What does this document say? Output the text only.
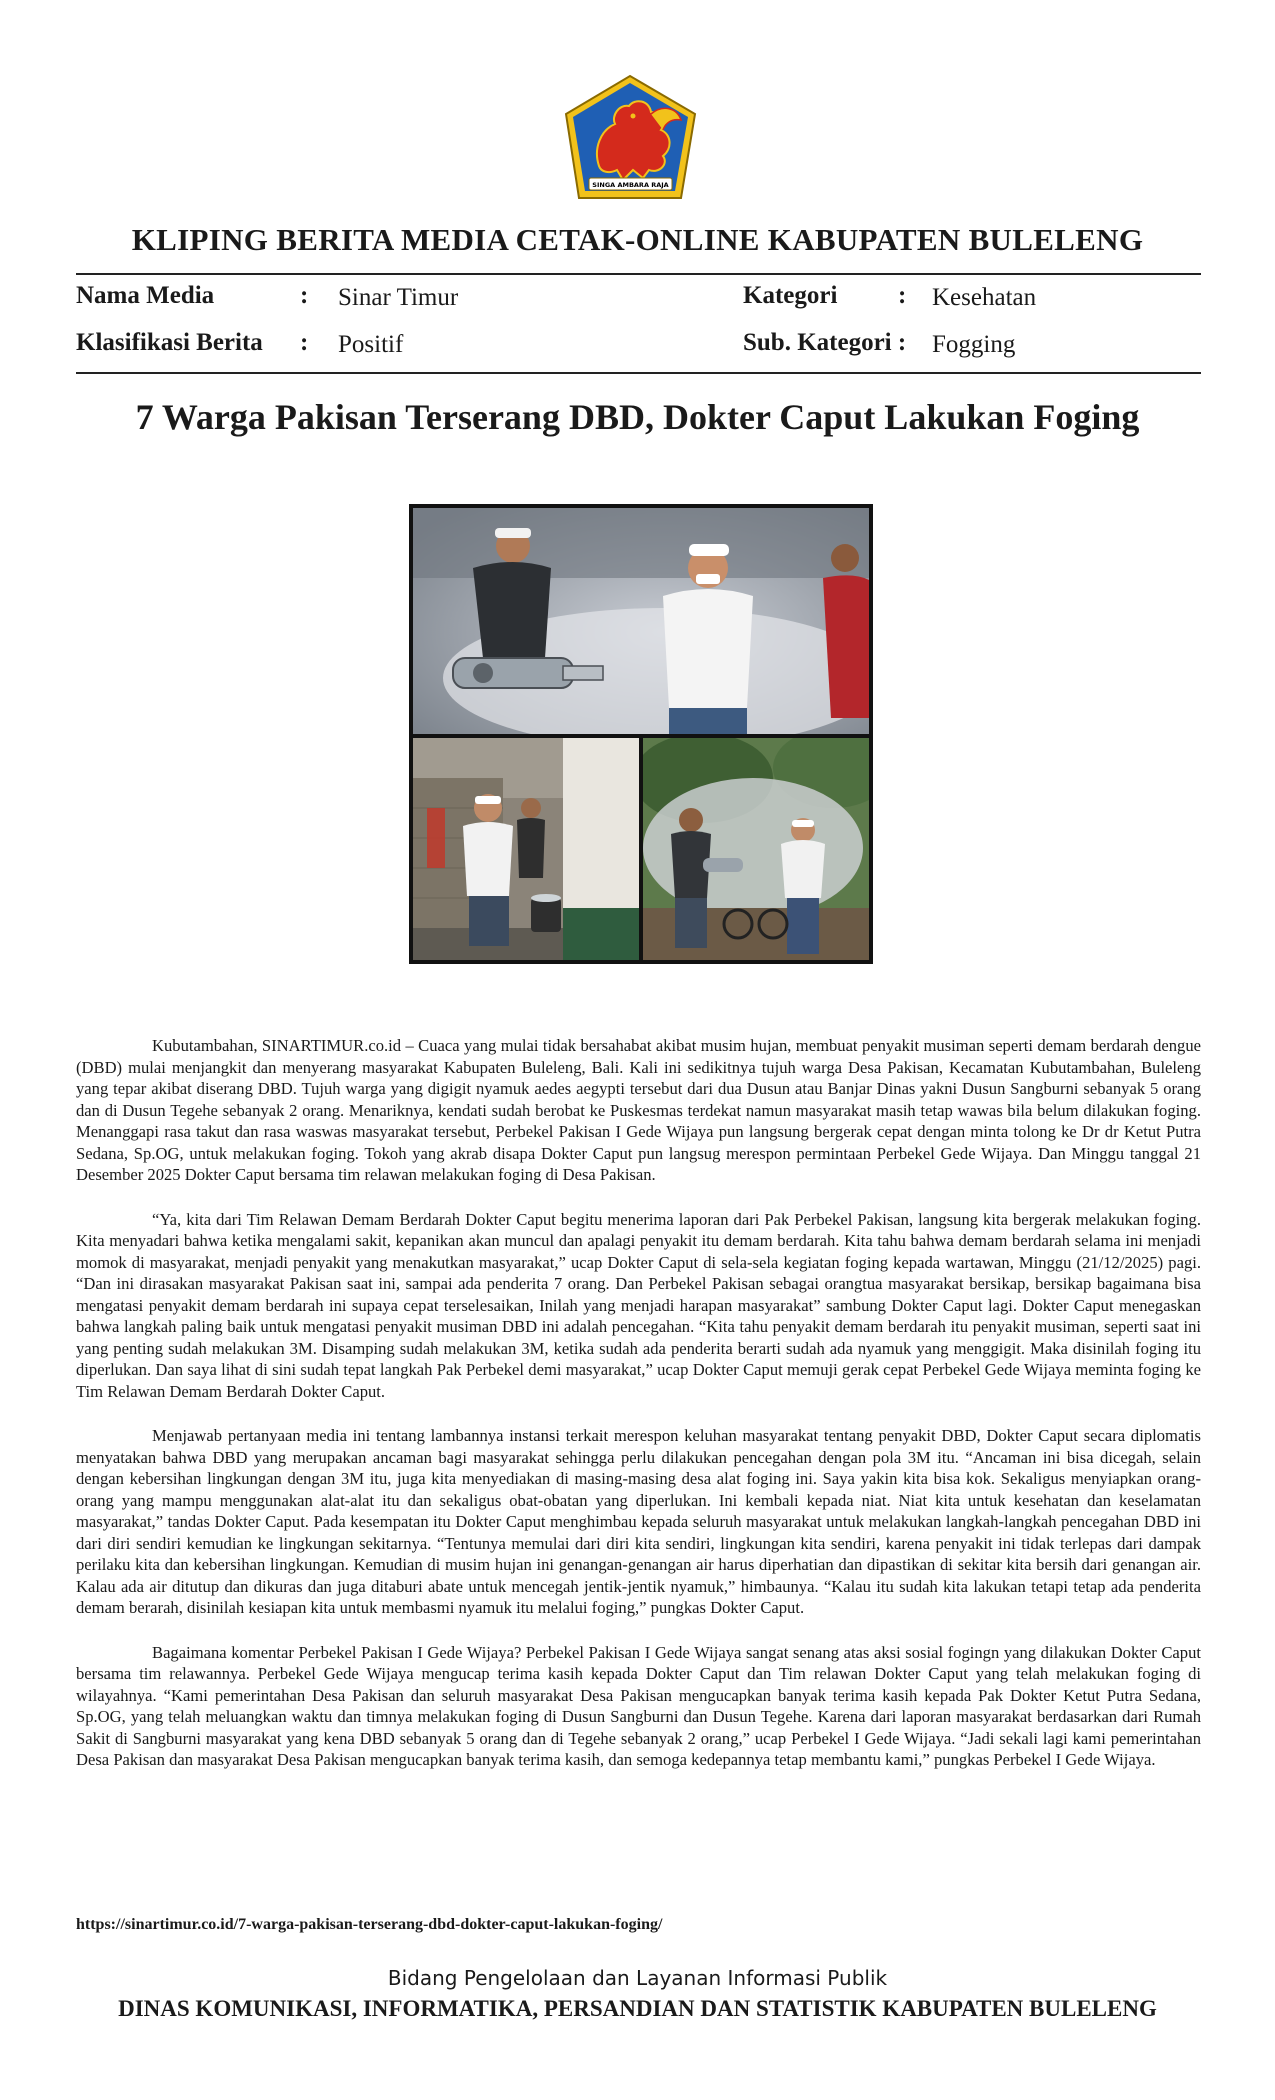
SINGA AMBARA RAJA
KLIPING BERITA MEDIA CETAK-ONLINE KABUPATEN BULELENG
Nama Media	: Sinar Timur
Klasifikasi Berita : Positif
Kategori : Kesehatan
Sub. Kategori : Fogging
7 Warga Pakisan Terserang DBD, Dokter Caput Lakukan Foging

Kubutambahan, SINARTIMUR.co.id – Cuaca yang mulai tidak bersahabat akibat musim hujan, membuat penyakit musiman seperti demam berdarah dengue (DBD) mulai menjangkit dan menyerang masyarakat Kabupaten Buleleng, Bali. Kali ini sedikitnya tujuh warga Desa Pakisan, Kecamatan Kubutambahan, Buleleng yang tepar akibat diserang DBD. Tujuh warga yang digigit nyamuk aedes aegypti tersebut dari dua Dusun atau Banjar Dinas yakni Dusun Sangburni sebanyak 5 orang dan di Dusun Tegehe sebanyak 2 orang. Menariknya, kendati sudah berobat ke Puskesmas terdekat namun masyarakat masih tetap wawas bila belum dilakukan foging. Menanggapi rasa takut dan rasa waswas masyarakat tersebut, Perbekel Pakisan I Gede Wijaya pun langsung bergerak cepat dengan minta tolong ke Dr dr Ketut Putra Sedana, Sp.OG, untuk melakukan foging. Tokoh yang akrab disapa Dokter Caput pun langsug merespon permintaan Perbekel Gede Wijaya. Dan Minggu tanggal 21 Desember 2025 Dokter Caput bersama tim relawan melakukan foging di Desa Pakisan.

“Ya, kita dari Tim Relawan Demam Berdarah Dokter Caput begitu menerima laporan dari Pak Perbekel Pakisan, langsung kita bergerak melakukan foging. Kita menyadari bahwa ketika mengalami sakit, kepanikan akan muncul dan apalagi penyakit itu demam berdarah. Kita tahu bahwa demam berdarah selama ini menjadi momok di masyarakat, menjadi penyakit yang menakutkan masyarakat,” ucap Dokter Caput di sela-sela kegiatan foging kepada wartawan, Minggu (21/12/2025) pagi. “Dan ini dirasakan masyarakat Pakisan saat ini, sampai ada penderita 7 orang. Dan Perbekel Pakisan sebagai orangtua masyarakat bersikap, bersikap bagaimana bisa mengatasi penyakit demam berdarah ini supaya cepat terselesaikan, Inilah yang menjadi harapan masyarakat” sambung Dokter Caput lagi. Dokter Caput menegaskan bahwa langkah paling baik untuk mengatasi penyakit musiman DBD ini adalah pencegahan. “Kita tahu penyakit demam berdarah itu penyakit musiman, seperti saat ini yang penting sudah melakukan 3M. Disamping sudah melakukan 3M, ketika sudah ada penderita berarti sudah ada nyamuk yang menggigit. Maka disinilah foging itu diperlukan. Dan saya lihat di sini sudah tepat langkah Pak Perbekel demi masyarakat,” ucap Dokter Caput memuji gerak cepat Perbekel Gede Wijaya meminta foging ke Tim Relawan Demam Berdarah Dokter Caput.

Menjawab pertanyaan media ini tentang lambannya instansi terkait merespon keluhan masyarakat tentang penyakit DBD, Dokter Caput secara diplomatis menyatakan bahwa DBD yang merupakan ancaman bagi masyarakat sehingga perlu dilakukan pencegahan dengan pola 3M itu. “Ancaman ini bisa dicegah, selain dengan kebersihan lingkungan dengan 3M itu, juga kita menyediakan di masing-masing desa alat foging ini. Saya yakin kita bisa kok. Sekaligus menyiapkan orang-orang yang mampu menggunakan alat-alat itu dan sekaligus obat-obatan yang diperlukan. Ini kembali kepada niat. Niat kita untuk kesehatan dan keselamatan masyarakat,” tandas Dokter Caput. Pada kesempatan itu Dokter Caput menghimbau kepada seluruh masyarakat untuk melakukan langkah-langkah pencegahan DBD ini dari diri sendiri kemudian ke lingkungan sekitarnya. “Tentunya memulai dari diri kita sendiri, lingkungan kita sendiri, karena penyakit ini tidak terlepas dari dampak perilaku kita dan kebersihan lingkungan. Kemudian di musim hujan ini genangan-genangan air harus diperhatian dan dipastikan di sekitar kita bersih dari genangan air. Kalau ada air ditutup dan dikuras dan juga ditaburi abate untuk mencegah jentik-jentik nyamuk,” himbaunya. “Kalau itu sudah kita lakukan tetapi tetap ada penderita demam berarah, disinilah kesiapan kita untuk membasmi nyamuk itu melalui foging,” pungkas Dokter Caput.

Bagaimana komentar Perbekel Pakisan I Gede Wijaya? Perbekel Pakisan I Gede Wijaya sangat senang atas aksi sosial fogingn yang dilakukan Dokter Caput bersama tim relawannya. Perbekel Gede Wijaya mengucap terima kasih kepada Dokter Caput dan Tim relawan Dokter Caput yang telah melakukan foging di wilayahnya. “Kami pemerintahan Desa Pakisan dan seluruh masyarakat Desa Pakisan mengucapkan banyak terima kasih kepada Pak Dokter Ketut Putra Sedana, Sp.OG, yang telah meluangkan waktu dan timnya melakukan foging di Dusun Sangburni dan Dusun Tegehe. Karena dari laporan masyarakat berdasarkan dari Rumah Sakit di Sangburni masyarakat yang kena DBD sebanyak 5 orang dan di Tegehe sebanyak 2 orang,” ucap Perbekel I Gede Wijaya. “Jadi sekali lagi kami pemerintahan Desa Pakisan dan masyarakat Desa Pakisan mengucapkan banyak terima kasih, dan semoga kedepannya tetap membantu kami,” pungkas Perbekel I Gede Wijaya.

https://sinartimur.co.id/7-warga-pakisan-terserang-dbd-dokter-caput-lakukan-foging/
Bidang Pengelolaan dan Layanan Informasi Publik
DINAS KOMUNIKASI, INFORMATIKA, PERSANDIAN DAN STATISTIK KABUPATEN BULELENG
